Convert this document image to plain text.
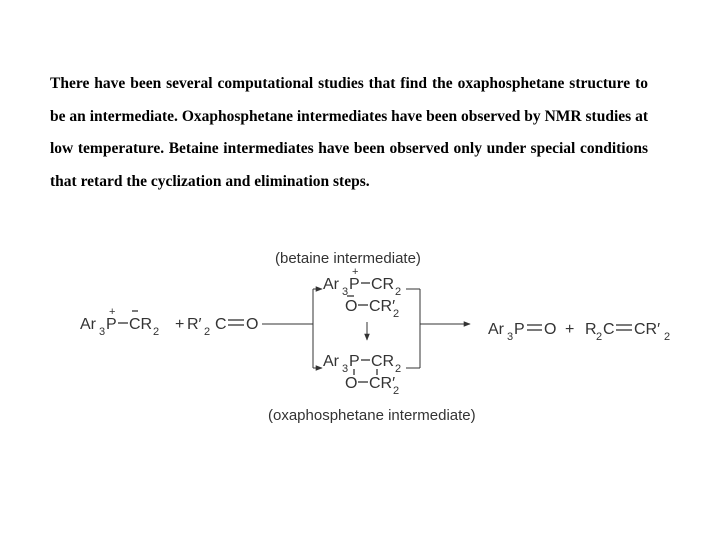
There have been several computational studies that find the oxaphosphetane structure to be an intermediate. Oxaphosphetane intermediates have been observed by NMR studies at low temperature. Betaine intermediates have been observed only under special conditions that retard the cyclization and elimination steps.
(betaine intermediate)
(oxaphosphetane intermediate)
Ar 3 P
+
CR 2 + R′ 2 C O
Ar 3 P
+
CR 2
O CR′
2
Ar 3 P CR 2
O CR′
2
Ar 3 P O + R 2 C CR′ 2
